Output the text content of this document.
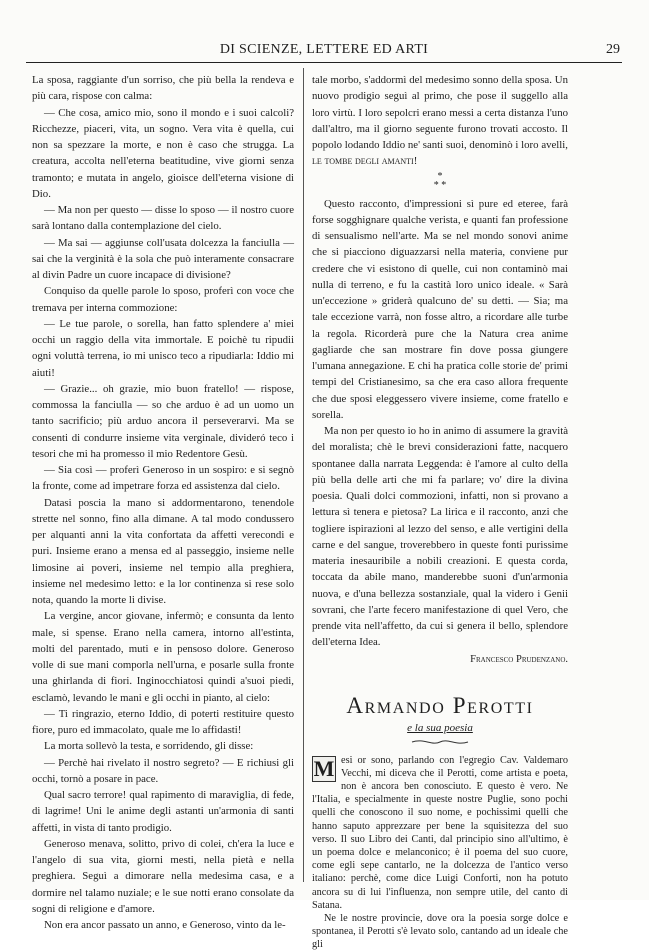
DI SCIENZE, LETTERE ED ARTI	29

La sposa, raggiante d'un sorriso, che più bella la rendeva e più cara, rispose con calma:

— Che cosa, amico mio, sono il mondo e i suoi calcoli? Ricchezze, piaceri, vita, un sogno. Vera vita è quella, cui non sa spezzare la morte, e non è caso che strugga. La creatura, accolta nell'eterna beatitudine, vive giorni senza tramonto; e mutata in angelo, gioisce dell'eterna visione di Dio.

— Ma non per questo — disse lo sposo — il nostro cuore sarà lontano dalla contemplazione del cielo.

— Ma sai — aggiunse coll'usata dolcezza la fanciulla — sai che la verginità è la sola che può interamente consacrare al divin Padre un cuore incapace di divisione?

Conquiso da quelle parole lo sposo, proferì con voce che tremava per interna commozione:

— Le tue parole, o sorella, han fatto splendere a' miei occhi un raggio della vita immortale. E poichè tu ripudii ogni voluttà terrena, io mi unisco teco a ripudiarla: Iddio mi aiuti!

— Grazie... oh grazie, mio buon fratello! — rispose, commossa la fanciulla — so che arduo è ad un uomo un tanto sacrificio; più arduo ancora il perseverarvi. Ma se consenti di condurre insieme vita verginale, divideró teco i tesori che mi ha promesso il mio Redentore Gesù.

— Sia così — proferì Generoso in un sospiro: e si segnò la fronte, come ad impetrare forza ed assistenza dal cielo.

Datasi poscia la mano si addormentarono, tenendole strette nel sonno, fino alla dimane. A tal modo condussero per alquanti anni la vita confortata da affetti verecondi e puri. Insieme erano a mensa ed al passeggio, insieme nelle limosine ai poveri, insieme nel tempio alla preghiera, insieme nel medesimo letto: e la lor continenza si rese solo nota, quando la morte li divise.

La vergine, ancor giovane, infermò; e consunta da lento male, si spense. Erano nella camera, intorno all'estinta, molti del parentado, muti e in pensoso dolore. Generoso volle di sue mani comporla nell'urna, e posarle sulla fronte una ghirlanda di fiori. Inginocchiatosi quindi a'suoi piedi, esclamò, levando le mani e gli occhi in pianto, al cielo:

— Ti ringrazio, eterno Iddio, di poterti restituire questo fiore, puro ed immacolato, quale me lo affidasti!

La morta sollevò la testa, e sorridendo, gli disse:

— Perchè hai rivelato il nostro segreto? — E richiusi gli occhi, tornò a posare in pace.

Qual sacro terrore! qual rapimento di maraviglia, di fede, di lagrime! Uni le anime degli astanti un'armonia di santi affetti, in vista di tanto prodigio.

Generoso menava, solitto, privo di colei, ch'era la luce e l'angelo di sua vita, giorni mesti, nella pietà e nella preghiera. Seguì a dimorare nella medesima casa, e a dormire nel talamo nuziale; e le sue notti erano consolate da sogni di religione e d'amore.

Non era ancor passato un anno, e Generoso, vinto da le-

tale morbo, s'addormì del medesimo sonno della sposa. Un nuovo prodigio seguì al primo, che pose il suggello alla loro virtù. I loro sepolcri erano messi a certa distanza l'uno dall'altro, ma il giorno seguente furono trovati accosto. Il popolo lodando Iddio ne' santi suoi, denominò i loro avelli, le tombe degli amanti!

*
* *

Questo racconto, d'impressioni sì pure ed eteree, farà forse sogghignare qualche verista, e quanti fan professione di sensualismo nell'arte. Ma se nel mondo sonovi anime che si piacciono diguazzarsi nella materia, conviene pur credere che vi esistono di quelle, cui non contaminò mai nulla di terreno, e fu la castità loro unico ideale. « Sarà un'eccezione » griderà qualcuno de' su detti. — Sia; ma tale eccezione varrà, non fosse altro, a ricordare alle turbe la regola. Ricorderà pure che la Natura crea anime gagliarde che san mostrare fin dove possa giungere l'umana annegazione. E chi ha pratica colle storie de' primi tempi del Cristianesimo, sa che era caso allora frequente che due sposi eleggessero vivere insieme, come fratello e sorella.

Ma non per questo io ho in animo di assumere la gravità del moralista; chè le brevi considerazioni fatte, nacquero spontanee dalla narrata Leggenda: è l'amore al culto della più bella delle arti che mi fa parlare; vo' dire la divina poesia. Quali dolci commozioni, infatti, non si provano a lettura sì tenera e pietosa? La lirica e il racconto, anzi che togliere ispirazioni al lezzo del senso, e alle vertigini della carne e del sangue, troverebbero in queste fonti purissime materia inesauribile a nobili creazioni. E questa corda, toccata da abile mano, manderebbe suoni d'un'armonia nuova, e d'una bellezza sostanziale, qual la videro i Genii sovrani, che l'arte fecero manifestazione di quel Vero, che prende vita nell'affetto, da cui si genera il bello, splendore dell'eterna Idea.

Francesco Prudenzano.
Armando Perotti
e la sua poesia

M esi or sono, parlando con l'egregio Cav. Valdemaro Vecchi, mi diceva che il Perotti, come artista e poeta, non è ancora ben conosciuto. E questo è vero. Ne l'Italia, e specialmente in queste nostre Puglie, sono pochi quelli che conoscono il suo nome, e pochissimi quelli che hanno saputo apprezzare per bene la squisitezza del suo verso. Il suo Libro dei Canti, dal principio sino all'ultimo, è un poema dolce e melanconico; è il poema del suo cuore, come egli sepe cantarlo, ne la dolcezza de l'antico verso italiano: perchè, come dice Luigi Conforti, non ha potuto ancora su di lui l'influenza, non sempre utile, del canto di Satana.

Ne le nostre provincie, dove ora la poesia sorge dolce e spontanea, il Perotti s'è levato solo, cantando ad un ideale che gli
